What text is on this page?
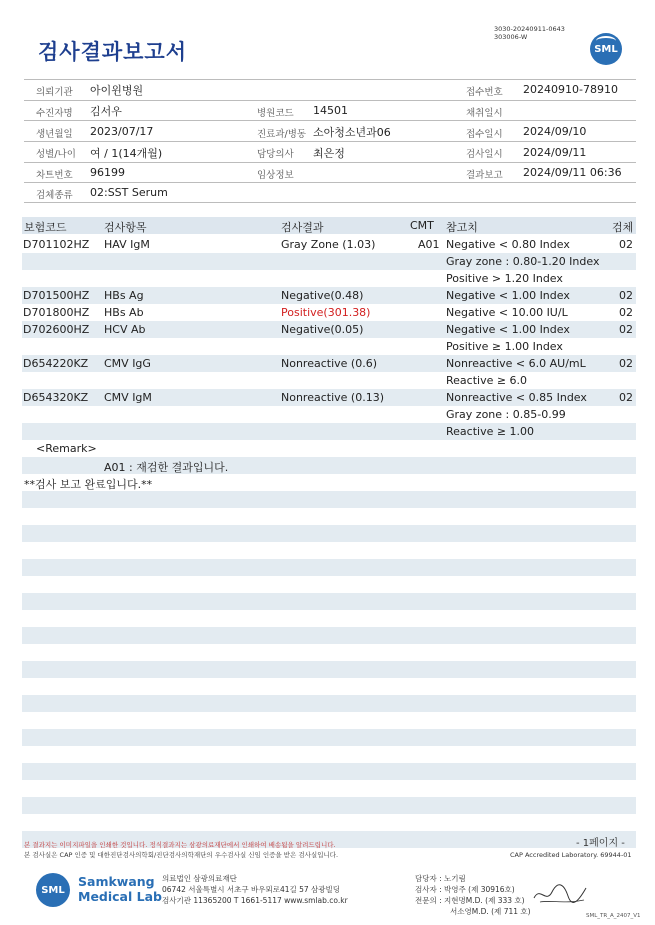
검사결과보고서
3030-20240911-0643
303006-W
SML
의뢰기관 아이윈병원	접수번호 20240910-78910
수진자명 김서우	병원코드 14501	채취일시
생년월일 2023/07/17	진료과/병동 소아청소년과06	접수일시 2024/09/10
성별/나이 여 / 1(14개월)	담당의사 최은정	검사일시 2024/09/11
차트번호 96199	임상정보	결과보고 2024/09/11 06:36
검체종류 02:SST Serum
보험코드	검사항목	검사결과	CMT 참고치	검체
D701102HZ HAV IgM	Gray Zone (1.03)	A01 Negative < 0.80 Index	02
Gray zone : 0.80-1.20 Index
Positive > 1.20 Index
D701500HZ HBs Ag	Negative(0.48)	Negative < 1.00 Index	02
D701800HZ HBs Ab	Positive(301.38)	Negative < 10.00 IU/L	02
D702600HZ HCV Ab	Negative(0.05)	Negative < 1.00 Index	02
Positive ≥ 1.00 Index
D654220KZ CMV IgG	Nonreactive (0.6)	Nonreactive < 6.0 AU/mL	02
Reactive ≥ 6.0
D654320KZ CMV IgM	Nonreactive (0.13)	Nonreactive < 0.85 Index	02
Gray zone : 0.85-0.99
Reactive ≥ 1.00
<Remark>
A01 : 재검한 결과입니다.
**검사 보고 완료입니다.**
본 결과지는 이미지파일을 인쇄한 것입니다. 정식결과지는 삼광의료재단에서 인쇄하여 배송됨을 알려드립니다.
본 검사실은 CAP 인증 및 대한진단검사의학회/진단검사의학재단의 우수검사실 신임 인증을 받은 검사실입니다.
- 1페이지 -
CAP Accredited Laboratory. 69944-01
SML
Samkwang
Medical Lab
의료법인 삼광의료재단
06742 서울특별시 서초구 바우뫼로41길 57 삼광빌딩
검사기관 11365200 T 1661-5117 www.smlab.co.kr
담당자 : 노기림
검사자 : 박영주 (제 30916호)
전문의 : 지현명M.D. (제 333 호)
서소영M.D. (제 711 호)	SML_TR_A_2407_V1
